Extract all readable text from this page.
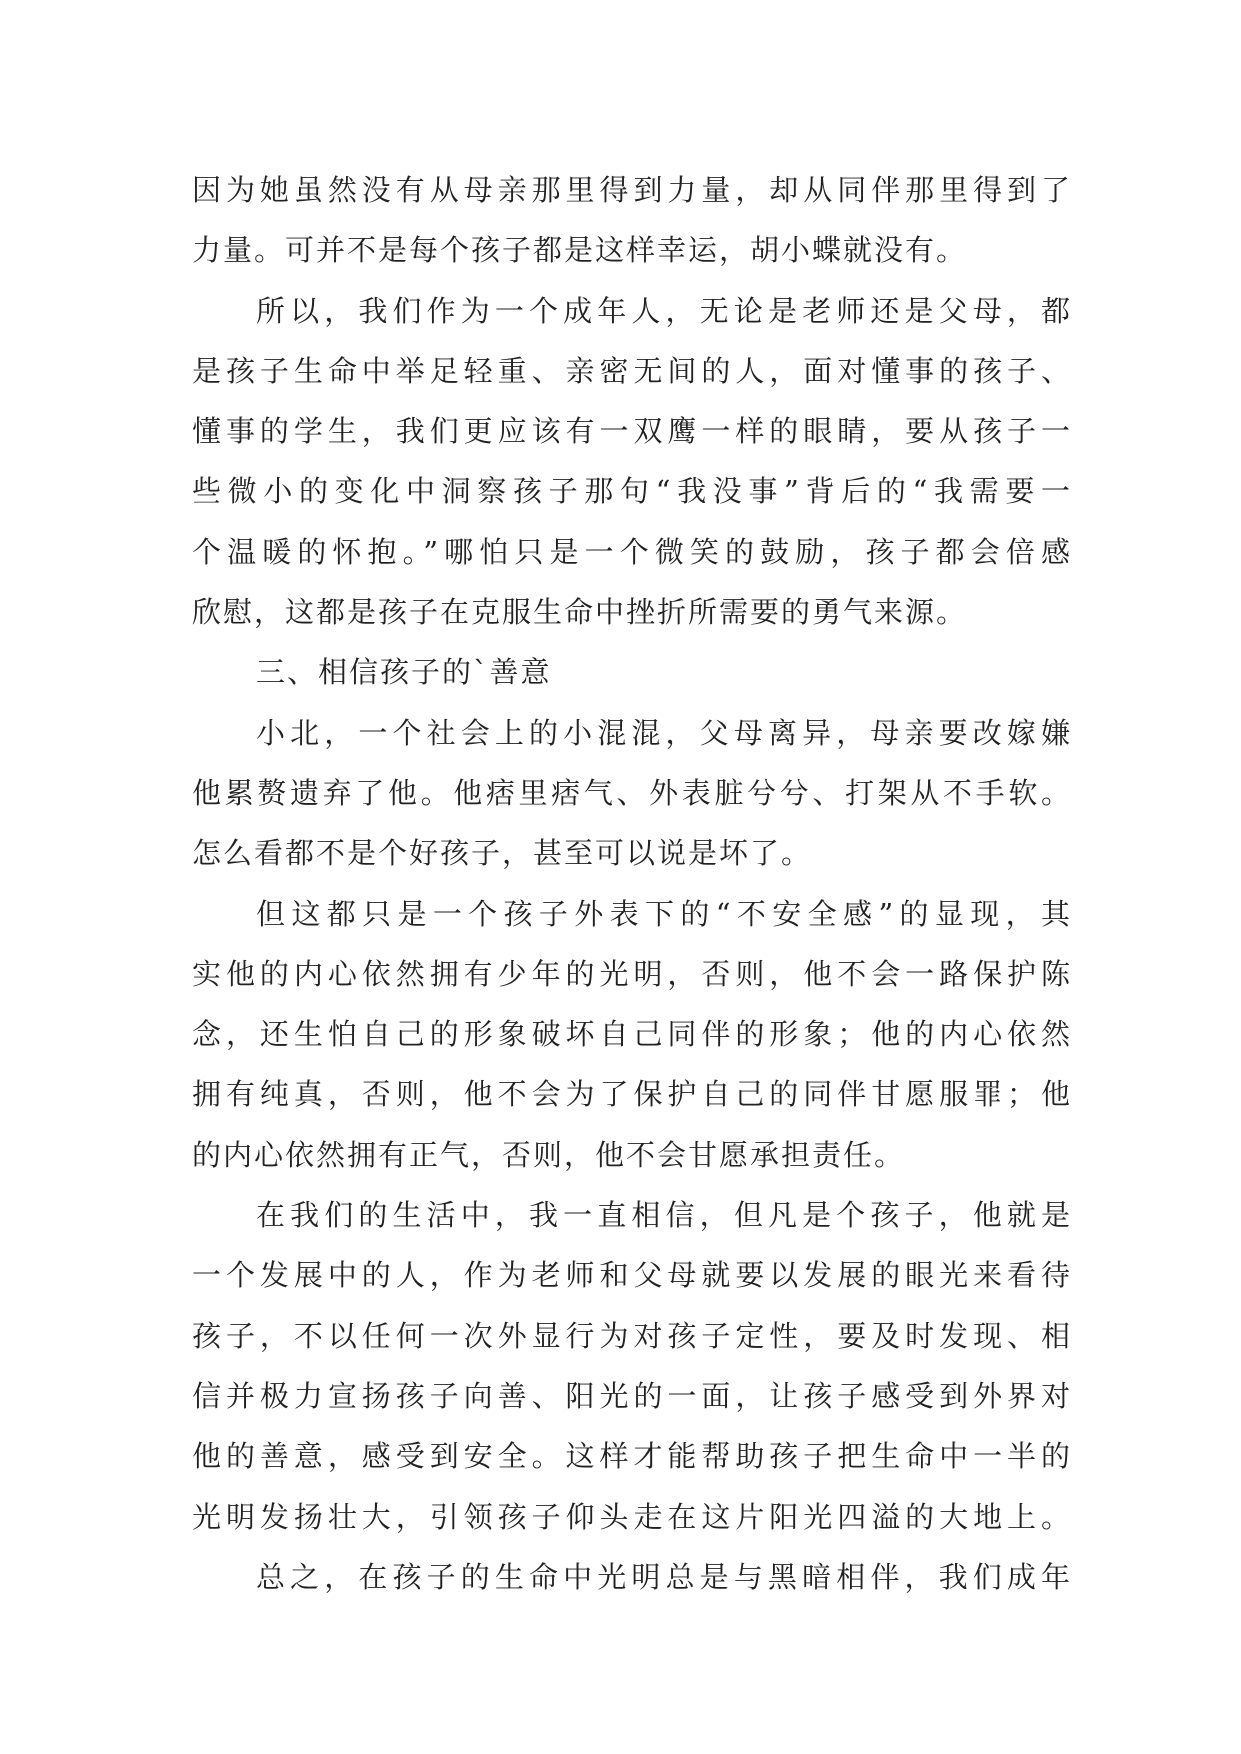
因为她虽然没有从母亲那里得到力量，却从同伴那里得到了
力量。可并不是每个孩子都是这样幸运，胡小蝶就没有。
所以，我们作为一个成年人，无论是老师还是父母，都
是孩子生命中举足轻重、亲密无间的人，面对懂事的孩子、
懂事的学生，我们更应该有一双鹰一样的眼睛，要从孩子一
些微小的变化中洞察孩子那句“我没事”背后的“我需要一
个温暖的怀抱。”哪怕只是一个微笑的鼓励，孩子都会倍感
欣慰，这都是孩子在克服生命中挫折所需要的勇气来源。
三、相信孩子的`善意
小北，一个社会上的小混混，父母离异，母亲要改嫁嫌
他累赘遗弃了他。他痞里痞气、外表脏兮兮、打架从不手软。
怎么看都不是个好孩子，甚至可以说是坏了。
但这都只是一个孩子外表下的“不安全感”的显现，其
实他的内心依然拥有少年的光明，否则，他不会一路保护陈
念，还生怕自己的形象破坏自己同伴的形象；他的内心依然
拥有纯真，否则，他不会为了保护自己的同伴甘愿服罪；他
的内心依然拥有正气，否则，他不会甘愿承担责任。
在我们的生活中，我一直相信，但凡是个孩子，他就是
一个发展中的人，作为老师和父母就要以发展的眼光来看待
孩子，不以任何一次外显行为对孩子定性，要及时发现、相
信并极力宣扬孩子向善、阳光的一面，让孩子感受到外界对
他的善意，感受到安全。这样才能帮助孩子把生命中一半的
光明发扬壮大，引领孩子仰头走在这片阳光四溢的大地上。
总之，在孩子的生命中光明总是与黑暗相伴，我们成年
